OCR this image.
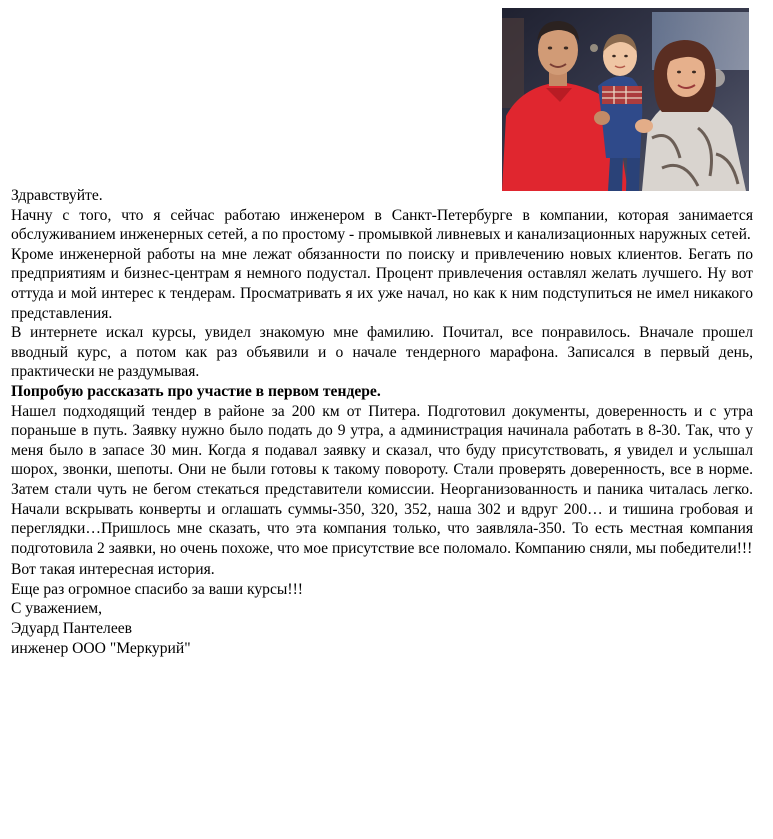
Здравствуйте.

Начну с того, что я сейчас работаю инженером в Санкт-Петербурге в компании, которая занимается обслуживанием инженерных сетей, а по простому - промывкой ливневых и канализационных наружных сетей.

Кроме инженерной работы на мне лежат обязанности по поиску и привлечению новых клиентов. Бегать по предприятиям и бизнес-центрам я немного подустал. Процент привлечения оставлял желать лучшего. Ну вот оттуда и мой интерес к тендерам. Просматривать я их уже начал, но как к ним подступиться не имел никакого представления.

В интернете искал курсы, увидел знакомую мне фамилию. Почитал, все понравилось. Вначале прошел вводный курс, а потом как раз объявили и о начале тендерного марафона. Записался в первый день, практически не раздумывая.

Попробую рассказать про участие в первом тендере.

Нашел подходящий тендер в районе за 200 км от Питера. Подготовил документы, доверенность и с утра пораньше в путь. Заявку нужно было подать до 9 утра, а администрация начинала работать в 8-30. Так, что у меня было в запасе 30 мин. Когда я подавал заявку и сказал, что буду присутствовать, я увидел и услышал шорох, звонки, шепоты. Они не были готовы к такому повороту. Стали проверять доверенность, все в норме. Затем стали чуть не бегом стекаться представители комиссии. Неорганизованность и паника читалась легко. Начали вскрывать конверты и оглашать суммы-350, 320, 352, наша 302 и вдруг 200… и тишина гробовая и переглядки…Пришлось мне сказать, что эта компания только, что заявляла-350. То есть местная компания подготовила 2 заявки, но очень похоже, что мое присутствие все поломало. Компанию сняли, мы победители!!!

Вот такая интересная история.

Еще раз огромное спасибо за ваши курсы!!!

С уважением,

Эдуард Пантелеев

инженер ООО "Меркурий"
